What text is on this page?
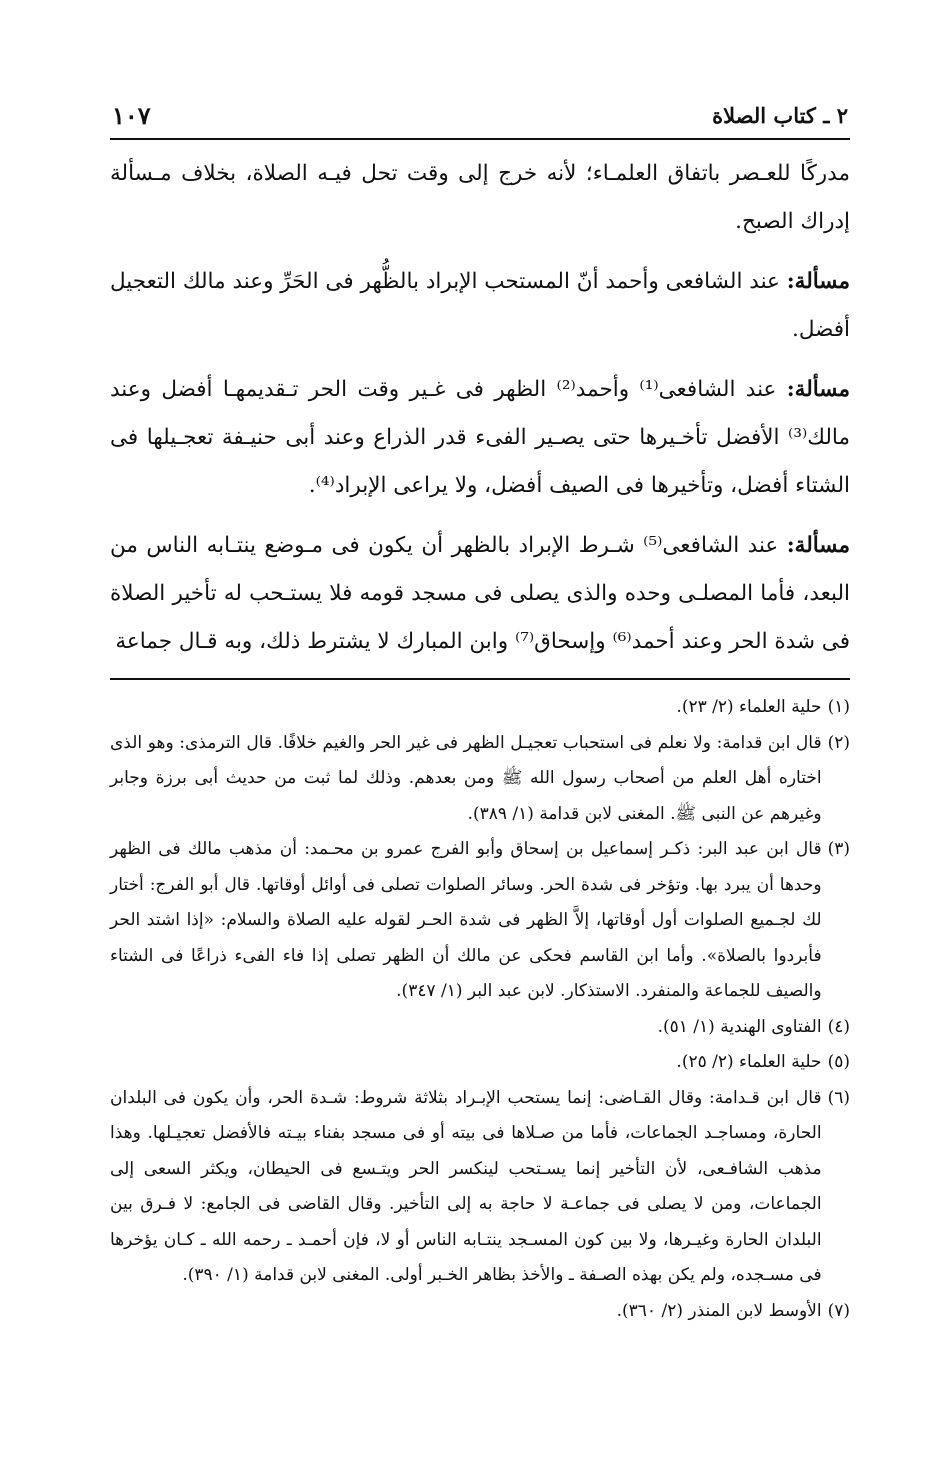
٢ ـ كتاب الصلاة
١٠٧

مدركًا للعـصر باتفاق العلمـاء؛ لأنه خرج إلى وقت تحل فيـه الصلاة، بخلاف مـسألة إدراك الصبح.

مسألة: عند الشافعى وأحمد أنّ المستحب الإبراد بالظُّهر فى الحَرِّ وعند مالك التعجيل أفضل.

مسألة: عند الشافعى⁽¹⁾ وأحمد⁽²⁾ الظهر فى غـير وقت الحر تـقديمهـا أفضل وعند مالك⁽³⁾ الأفضل تأخـيرها حتى يصـير الفىء قدر الذراع وعند أبى حنيـفة تعجـيلها فى الشتاء أفضل، وتأخيرها فى الصيف أفضل، ولا يراعى الإبراد⁽⁴⁾.

مسألة: عند الشافعى⁽⁵⁾ شـرط الإبراد بالظهر أن يكون فى مـوضع ينتـابه الناس من البعد، فأما المصلـى وحده والذى يصلى فى مسجد قومه فلا يستـحب له تأخير الصلاة فى شدة الحر وعند أحمد⁽⁶⁾ وإسحاق⁽⁷⁾ وابن المبارك لا يشترط ذلك، وبه قـال جماعة

(١)
حلية العلماء (٢/ ٢٣).
(٢)
قال ابن قدامة: ولا نعلم فى استحباب تعجيـل الظهر فى غير الحر والغيم خلافًا. قال الترمذى: وهو الذى اختاره أهل العلم من أصحاب رسول الله ﷺ ومن بعدهم. وذلك لما ثبت من حديث أبى برزة وجابر وغيرهم عن النبى ﷺ. المغنى لابن قدامة (١/ ٣٨٩).
(٣)
قال ابن عبد البر: ذكـر إسماعيل بن إسحاق وأبو الفرج عمرو بن محـمد: أن مذهب مالك فى الظهر وحدها أن يبرد بها. وتؤخر فى شدة الحر. وسائر الصلوات تصلى فى أوائل أوقاتها. قال أبو الفرج: أختار لك لجـميع الصلوات أول أوقاتها، إلاَّ الظهر فى شدة الحـر لقوله عليه الصلاة والسلام: «إذا اشتد الحر فأبردوا بالصلاة». وأما ابن القاسم فحكى عن مالك أن الظهر تصلى إذا فاء الفىء ذراعًا فى الشتاء والصيف للجماعة والمنفرد. الاستذكار. لابن عبد البر (١/ ٣٤٧).
(٤)
الفتاوى الهندية (١/ ٥١).
(٥)
حلية العلماء (٢/ ٢٥).
(٦)
قال ابن قـدامة: وقال القـاضى: إنما يستحب الإبـراد بثلاثة شروط: شـدة الحر، وأن يكون فى البلدان الحارة، ومساجـد الجماعات، فأما من صـلاها فى بيته أو فى مسجد بفناء بيـته فالأفضل تعجيـلها. وهذا مذهب الشافـعى، لأن التأخير إنما يسـتحب لينكسر الحر ويتـسع فى الحيطان، ويكثر السعى إلى الجماعات، ومن لا يصلى فى جماعـة لا حاجة به إلى التأخير. وقال القاضى فى الجامع: لا فـرق بين البلدان الحارة وغيـرها، ولا بين كون المسـجد ينتـابه الناس أو لا، فإن أحمـد ـ رحمه الله ـ كـان يؤخرها فى مسـجده، ولم يكن بهذه الصـفة ـ والأخذ بظاهر الخـبر أولى. المغنى لابن قدامة (١/ ٣٩٠).
(٧)
الأوسط لابن المنذر (٢/ ٣٦٠).
